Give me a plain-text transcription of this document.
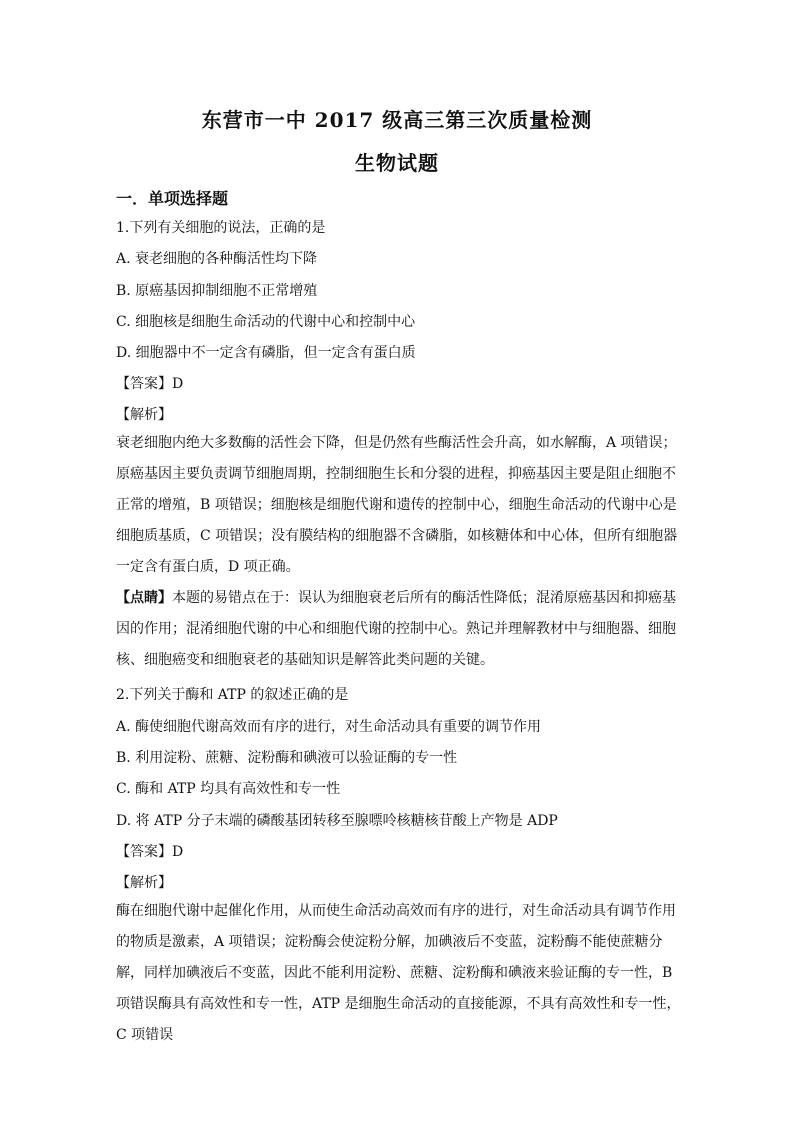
东营市一中 2017 级高三第三次质量检测
生物试题
一．单项选择题
1.下列有关细胞的说法，正确的是
A. 衰老细胞的各种酶活性均下降
B. 原癌基因抑制细胞不正常增殖
C. 细胞核是细胞生命活动的代谢中心和控制中心
D. 细胞器中不一定含有磷脂，但一定含有蛋白质
【答案】D
【解析】
衰老细胞内绝大多数酶的活性会下降，但是仍然有些酶活性会升高，如水解酶，A 项错误；原癌基因主要负责调节细胞周期，控制细胞生长和分裂的进程，抑癌基因主要是阻止细胞不正常的增殖，B 项错误；细胞核是细胞代谢和遗传的控制中心，细胞生命活动的代谢中心是细胞质基质，C 项错误；没有膜结构的细胞器不含磷脂，如核糖体和中心体，但所有细胞器一定含有蛋白质，D 项正确。
【点睛】本题的易错点在于：误认为细胞衰老后所有的酶活性降低；混淆原癌基因和抑癌基因的作用；混淆细胞代谢的中心和细胞代谢的控制中心。熟记并理解教材中与细胞器、细胞核、细胞癌变和细胞衰老的基础知识是解答此类问题的关键。
2.下列关于酶和 ATP 的叙述正确的是
A. 酶使细胞代谢高效而有序的进行，对生命活动具有重要的调节作用
B. 利用淀粉、蔗糖、淀粉酶和碘液可以验证酶的专一性
C. 酶和 ATP 均具有高效性和专一性
D. 将 ATP 分子末端的磷酸基团转移至腺嘌呤核糖核苷酸上产物是 ADP
【答案】D
【解析】
酶在细胞代谢中起催化作用，从而使生命活动高效而有序的进行，对生命活动具有调节作用的物质是激素，A 项错误；淀粉酶会使淀粉分解，加碘液后不变蓝，淀粉酶不能使蔗糖分解，同样加碘液后不变蓝，因此不能利用淀粉、蔗糖、淀粉酶和碘液来验证酶的专一性，B 项错误酶具有高效性和专一性，ATP 是细胞生命活动的直接能源，不具有高效性和专一性，C 项错误
